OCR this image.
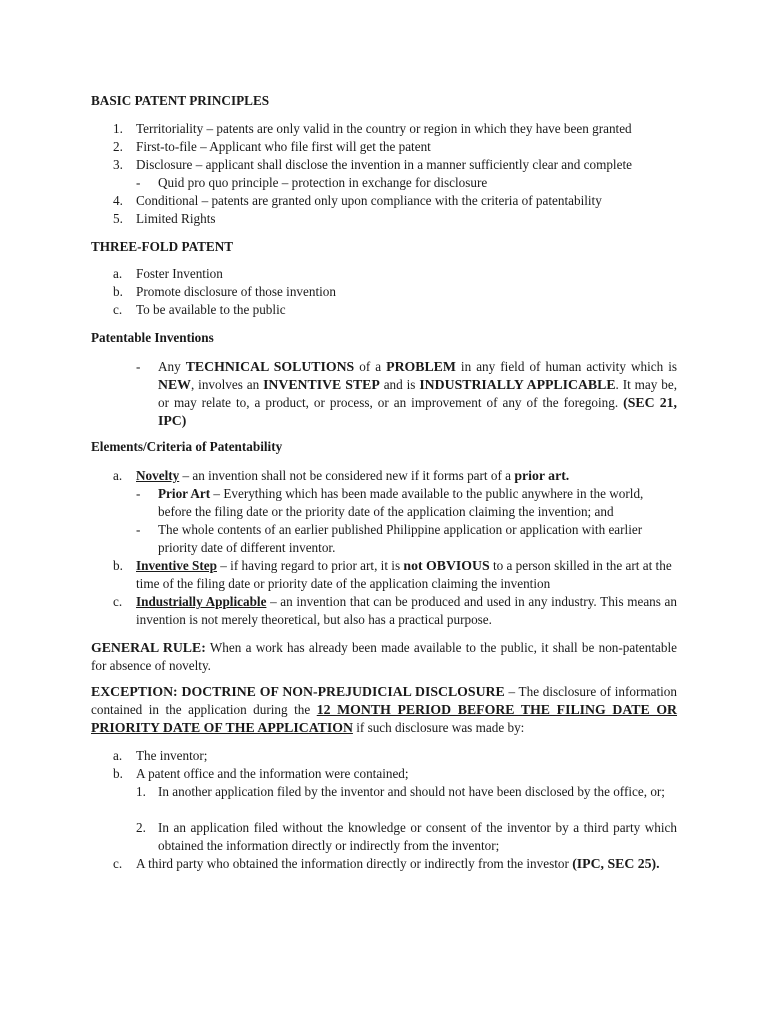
BASIC PATENT PRINCIPLES
1. Territoriality – patents are only valid in the country or region in which they have been granted
2. First-to-file – Applicant who file first will get the patent
3. Disclosure – applicant shall disclose the invention in a manner sufficiently clear and complete
- Quid pro quo principle – protection in exchange for disclosure
4. Conditional – patents are granted only upon compliance with the criteria of patentability
5. Limited Rights
THREE-FOLD PATENT
a. Foster Invention
b. Promote disclosure of those invention
c. To be available to the public
Patentable Inventions
- Any TECHNICAL SOLUTIONS of a PROBLEM in any field of human activity which is NEW, involves an INVENTIVE STEP and is INDUSTRIALLY APPLICABLE. It may be, or may relate to, a product, or process, or an improvement of any of the foregoing. (SEC 21, IPC)

Elements/Criteria of Patentability
a. Novelty – an invention shall not be considered new if it forms part of a prior art.

- Prior Art – Everything which has been made available to the public anywhere in the world, before the filing date or the priority date of the application claiming the invention; and

- The whole contents of an earlier published Philippine application or application with earlier priority date of different inventor.

b. Inventive Step – if having regard to prior art, it is not OBVIOUS to a person skilled in the art at the time of the filing date or priority date of the application claiming the invention

c. Industrially Applicable – an invention that can be produced and used in any industry. This means an invention is not merely theoretical, but also has a practical purpose.

GENERAL RULE: When a work has already been made available to the public, it shall be non-patentable for absence of novelty.

EXCEPTION: DOCTRINE OF NON-PREJUDICIAL DISCLOSURE – The disclosure of information contained in the application during the 12 MONTH PERIOD BEFORE THE FILING DATE OR PRIORITY DATE OF THE APPLICATION if such disclosure was made by:

a. The inventor;
b. A patent office and the information were contained;
1. In another application filed by the inventor and should not have been disclosed by the office, or;

2. In an application filed without the knowledge or consent of the inventor by a third party which obtained the information directly or indirectly from the inventor;

c. A third party who obtained the information directly or indirectly from the investor (IPC, SEC 25).
